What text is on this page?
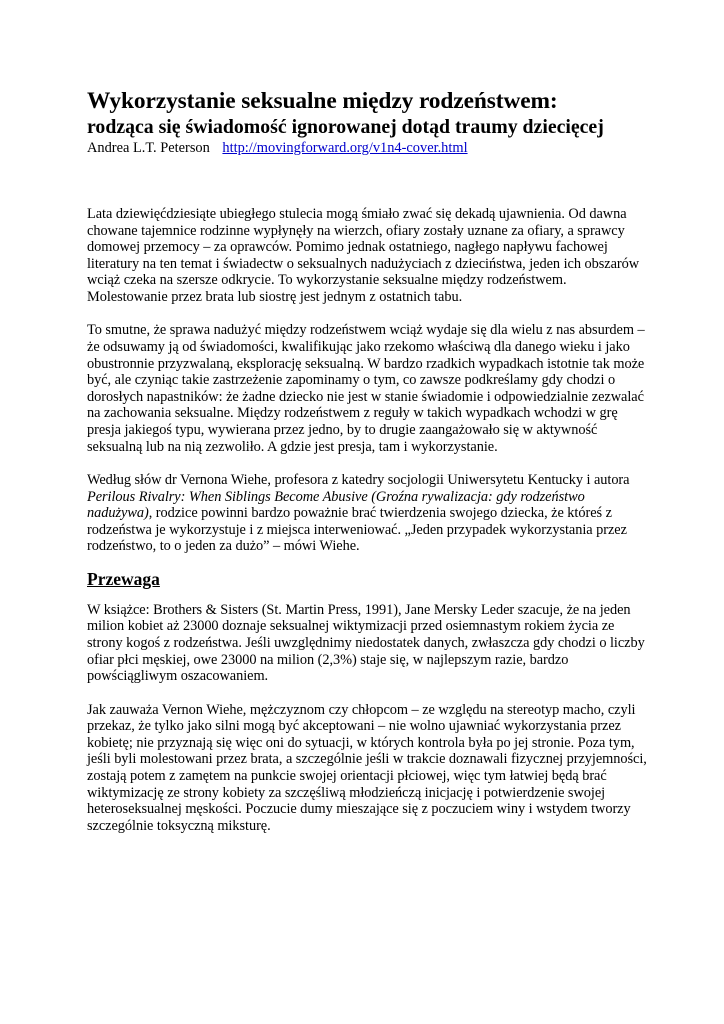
Wykorzystanie seksualne między rodzeństwem:
rodząca się świadomość ignorowanej dotąd traumy dziecięcej
Andrea L.T. Peterson http://movingforward.org/v1n4-cover.html

Lata dziewięćdziesiąte ubiegłego stulecia mogą śmiało zwać się dekadą ujawnienia. Od dawna chowane tajemnice rodzinne wypłynęły na wierzch, ofiary zostały uznane za ofiary, a sprawcy domowej przemocy – za oprawców. Pomimo jednak ostatniego, nagłego napływu fachowej literatury na ten temat i świadectw o seksualnych nadużyciach z dzieciństwa, jeden ich obszarów wciąż czeka na szersze odkrycie. To wykorzystanie seksualne między rodzeństwem. Molestowanie przez brata lub siostrę jest jednym z ostatnich tabu.

To smutne, że sprawa nadużyć między rodzeństwem wciąż wydaje się dla wielu z nas absurdem – że odsuwamy ją od świadomości, kwalifikując jako rzekomo właściwą dla danego wieku i jako obustronnie przyzwalaną, eksplorację seksualną. W bardzo rzadkich wypadkach istotnie tak może być, ale czyniąc takie zastrzeżenie zapominamy o tym, co zawsze podkreślamy gdy chodzi o dorosłych napastników: że żadne dziecko nie jest w stanie świadomie i odpowiedzialnie zezwalać na zachowania seksualne. Między rodzeństwem z reguły w takich wypadkach wchodzi w grę presja jakiegoś typu, wywierana przez jedno, by to drugie zaangażowało się w aktywność seksualną lub na nią zezwoliło. A gdzie jest presja, tam i wykorzystanie.

Według słów dr Vernona Wiehe, profesora z katedry socjologii Uniwersytetu Kentucky i autora Perilous Rivalry: When Siblings Become Abusive (Groźna rywalizacja: gdy rodzeństwo nadużywa), rodzice powinni bardzo poważnie brać twierdzenia swojego dziecka, że któreś z rodzeństwa je wykorzystuje i z miejsca interweniować. „Jeden przypadek wykorzystania przez rodzeństwo, to o jeden za dużo” – mówi Wiehe.

Przewaga

W książce: Brothers & Sisters (St. Martin Press, 1991), Jane Mersky Leder szacuje, że na jeden milion kobiet aż 23000 doznaje seksualnej wiktymizacji przed osiemnastym rokiem życia ze strony kogoś z rodzeństwa. Jeśli uwzględnimy niedostatek danych, zwłaszcza gdy chodzi o liczby ofiar płci męskiej, owe 23000 na milion (2,3%) staje się, w najlepszym razie, bardzo powściągliwym oszacowaniem.

Jak zauważa Vernon Wiehe, mężczyznom czy chłopcom – ze względu na stereotyp macho, czyli przekaz, że tylko jako silni mogą być akceptowani – nie wolno ujawniać wykorzystania przez kobietę; nie przyznają się więc oni do sytuacji, w których kontrola była po jej stronie. Poza tym, jeśli byli molestowani przez brata, a szczególnie jeśli w trakcie doznawali fizycznej przyjemności, zostają potem z zamętem na punkcie swojej orientacji płciowej, więc tym łatwiej będą brać wiktymizację ze strony kobiety za szczęśliwą młodzieńczą inicjację i potwierdzenie swojej heteroseksualnej męskości. Poczucie dumy mieszające się z poczuciem winy i wstydem tworzy szczególnie toksyczną miksturę.
